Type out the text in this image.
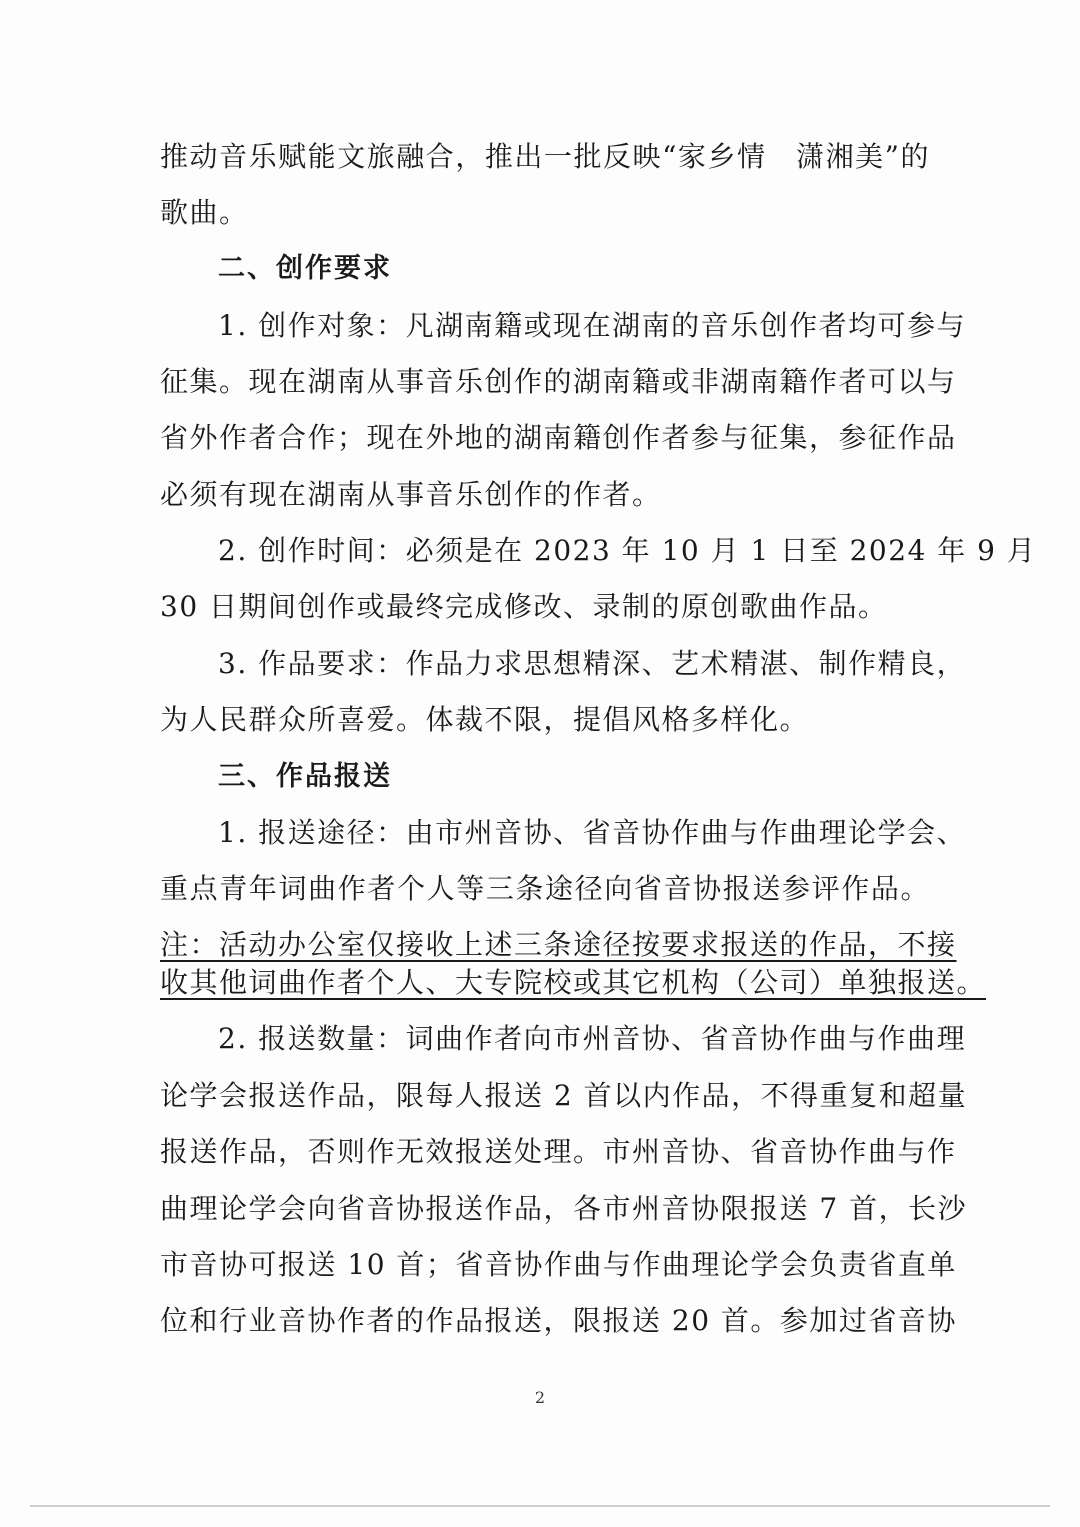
推动音乐赋能文旅融合，推出一批反映“家乡情　潇湘美”的
歌曲。
二、创作要求
1. 创作对象：凡湖南籍或现在湖南的音乐创作者均可参与
征集。现在湖南从事音乐创作的湖南籍或非湖南籍作者可以与
省外作者合作；现在外地的湖南籍创作者参与征集，参征作品
必须有现在湖南从事音乐创作的作者。
2. 创作时间：必须是在 2023 年 10 月 1 日至 2024 年 9 月
30 日期间创作或最终完成修改、录制的原创歌曲作品。
3. 作品要求：作品力求思想精深、艺术精湛、制作精良，
为人民群众所喜爱。体裁不限，提倡风格多样化。
三、作品报送
1. 报送途径：由市州音协、省音协作曲与作曲理论学会、
重点青年词曲作者个人等三条途径向省音协报送参评作品。
注：活动办公室仅接收上述三条途径按要求报送的作品，不接
收其他词曲作者个人、大专院校或其它机构（公司）单独报送。
2. 报送数量：词曲作者向市州音协、省音协作曲与作曲理
论学会报送作品，限每人报送 2 首以内作品，不得重复和超量
报送作品，否则作无效报送处理。市州音协、省音协作曲与作
曲理论学会向省音协报送作品，各市州音协限报送 7 首，长沙
市音协可报送 10 首；省音协作曲与作曲理论学会负责省直单
位和行业音协作者的作品报送，限报送 20 首。参加过省音协
2
